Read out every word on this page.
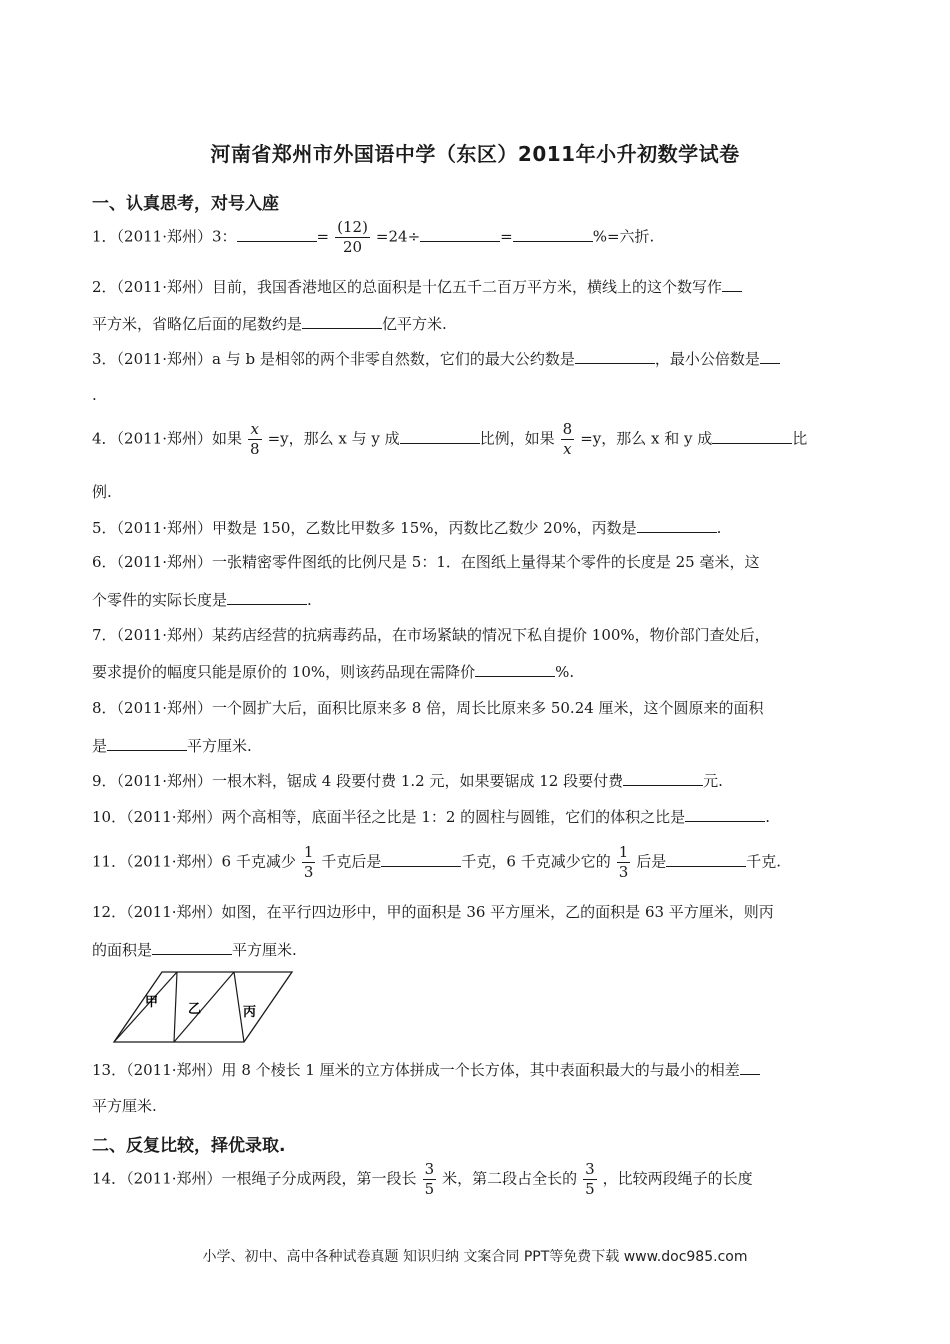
河南省郑州市外国语中学（东区）2011年小升初数学试卷
一、认真思考，对号入座
1．（2011·郑州）3：	= $\frac{(12)}{20} =24\div$	=	%=六折.
2．（2011·郑州）目前，我国香港地区的总面积是十亿五千二百万平方米，横线上的这个数写作
平方米，省略亿后面的尾数约是	亿平方米.
3．（2011·郑州）a 与 b 是相邻的两个非零自然数，它们的最大公约数是	，最小公倍数是
.
4．（2011·郑州）如果 $\frac{x}{8} =y$，那么 x 与 y 成	比例，如果 $\frac{8}{x} =y$，那么 x 和 y 成	比
例.
5．（2011·郑州）甲数是 150，乙数比甲数多 15%，丙数比乙数少 20%，丙数是	.
6．（2011·郑州）一张精密零件图纸的比例尺是 5：1．在图纸上量得某个零件的长度是 25 毫米，这
个零件的实际长度是	.
7．（2011·郑州）某药店经营的抗病毒药品，在市场紧缺的情况下私自提价 100%，物价部门查处后，
要求提价的幅度只能是原价的 10%，则该药品现在需降价	%.
8．（2011·郑州）一个圆扩大后，面积比原来多 8 倍，周长比原来多 50.24 厘米，这个圆原来的面积
是	平方厘米.
9．（2011·郑州）一根木料，锯成 4 段要付费 1.2 元，如果要锯成 12 段要付费	元.
10．（2011·郑州）两个高相等，底面半径之比是 1：2 的圆柱与圆锥，它们的体积之比是	.
11．（2011·郑州）6 千克减少 $\frac{1}{3}$ 千克后是	千克，6 千克减少它的 $\frac{1}{3}$ 后是	千克.
12．（2011·郑州）如图，在平行四边形中，甲的面积是 36 平方厘米，乙的面积是 63 平方厘米，则丙
的面积是	平方厘米.
甲 乙	丙
13．（2011·郑州）用 8 个棱长 1 厘米的立方体拼成一个长方体，其中表面积最大的与最小的相差
平方厘米.
二、反复比较，择优录取.
14．（2011·郑州）一根绳子分成两段，第一段长 $\frac{3}{5}$ 米，第二段占全长的 $\frac{3}{5}$ ，比较两段绳子的长度
小学、初中、高中各种试卷真题 知识归纳 文案合同 PPT等免费下载 www.doc985.com
